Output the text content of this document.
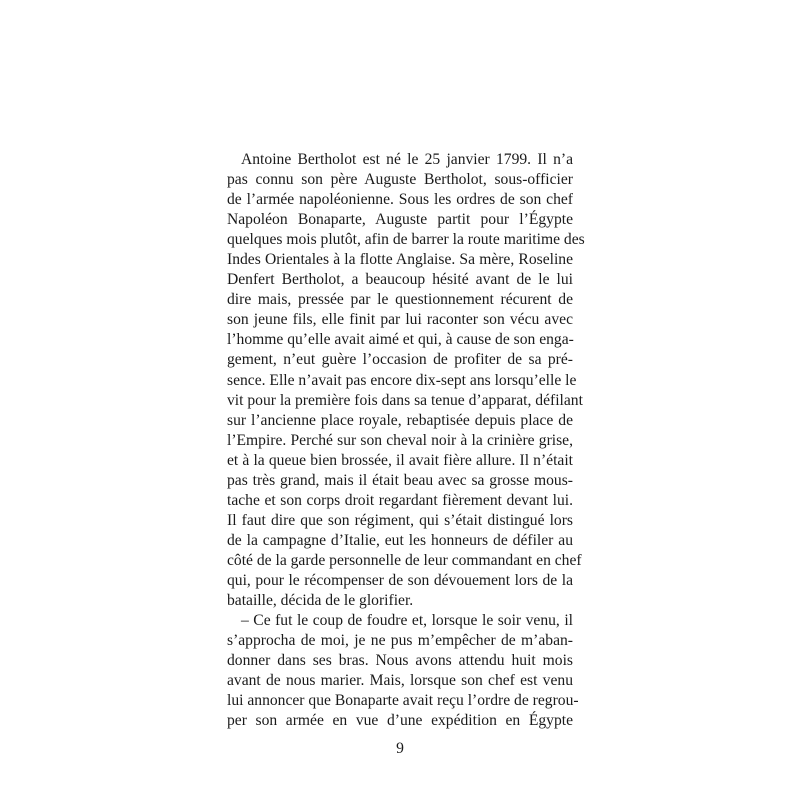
Antoine Bertholot est né le 25 janvier 1799. Il n’a
pas connu son père Auguste Bertholot, sous-officier
de l’armée napoléonienne. Sous les ordres de son chef
Napoléon Bonaparte, Auguste partit pour l’Égypte
quelques mois plutôt, afin de barrer la route maritime des
Indes Orientales à la flotte Anglaise. Sa mère, Roseline
Denfert Bertholot, a beaucoup hésité avant de le lui
dire mais, pressée par le questionnement récurent de
son jeune fils, elle finit par lui raconter son vécu avec
l’homme qu’elle avait aimé et qui, à cause de son enga-
gement, n’eut guère l’occasion de profiter de sa pré-
sence. Elle n’avait pas encore dix-sept ans lorsqu’elle le
vit pour la première fois dans sa tenue d’apparat, défilant
sur l’ancienne place royale, rebaptisée depuis place de
l’Empire. Perché sur son cheval noir à la crinière grise,
et à la queue bien brossée, il avait fière allure. Il n’était
pas très grand, mais il était beau avec sa grosse mous-
tache et son corps droit regardant fièrement devant lui.
Il faut dire que son régiment, qui s’était distingué lors
de la campagne d’Italie, eut les honneurs de défiler au
côté de la garde personnelle de leur commandant en chef
qui, pour le récompenser de son dévouement lors de la
bataille, décida de le glorifier.
– Ce fut le coup de foudre et, lorsque le soir venu, il
s’approcha de moi, je ne pus m’empêcher de m’aban-
donner dans ses bras. Nous avons attendu huit mois
avant de nous marier. Mais, lorsque son chef est venu
lui annoncer que Bonaparte avait reçu l’ordre de regrou-
per son armée en vue d’une expédition en Égypte
9
